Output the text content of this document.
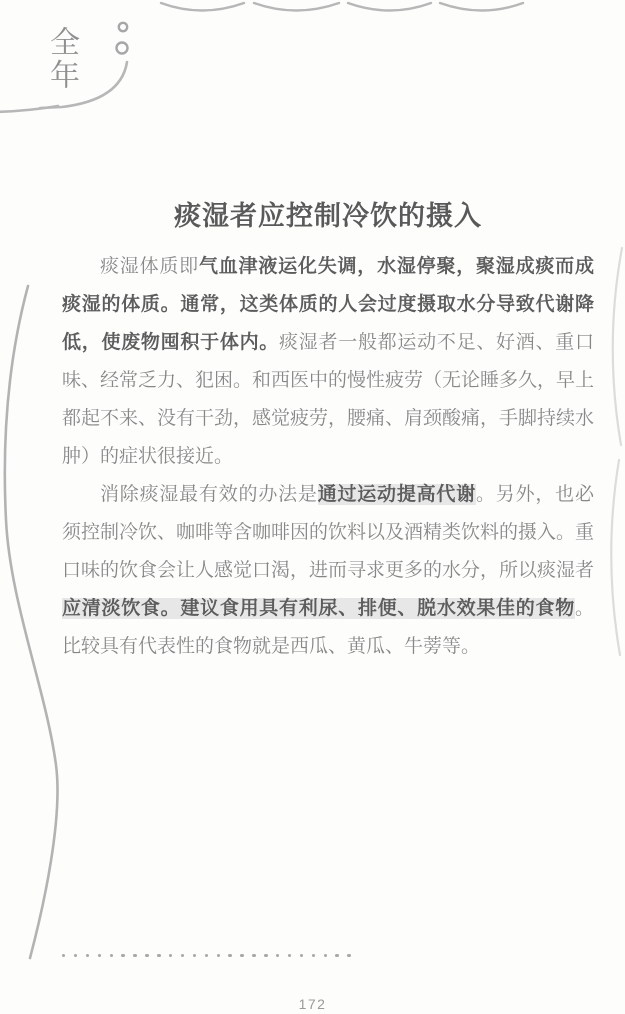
全年
痰湿者应控制冷饮的摄入

痰湿体质即气血津液运化失调，水湿停聚，聚湿成痰而成痰湿的体质。通常，这类体质的人会过度摄取水分导致代谢降低，使废物囤积于体内。痰湿者一般都运动不足、好酒、重口味、经常乏力、犯困。和西医中的慢性疲劳（无论睡多久，早上都起不来、没有干劲，感觉疲劳，腰痛、肩颈酸痛，手脚持续水肿）的症状很接近。

消除痰湿最有效的办法是通过运动提高代谢。另外，也必须控制冷饮、咖啡等含咖啡因的饮料以及酒精类饮料的摄入。重口味的饮食会让人感觉口渴，进而寻求更多的水分，所以痰湿者应清淡饮食。建议食用具有利尿、排便、脱水效果佳的食物。比较具有代表性的食物就是西瓜、黄瓜、牛蒡等。

172
